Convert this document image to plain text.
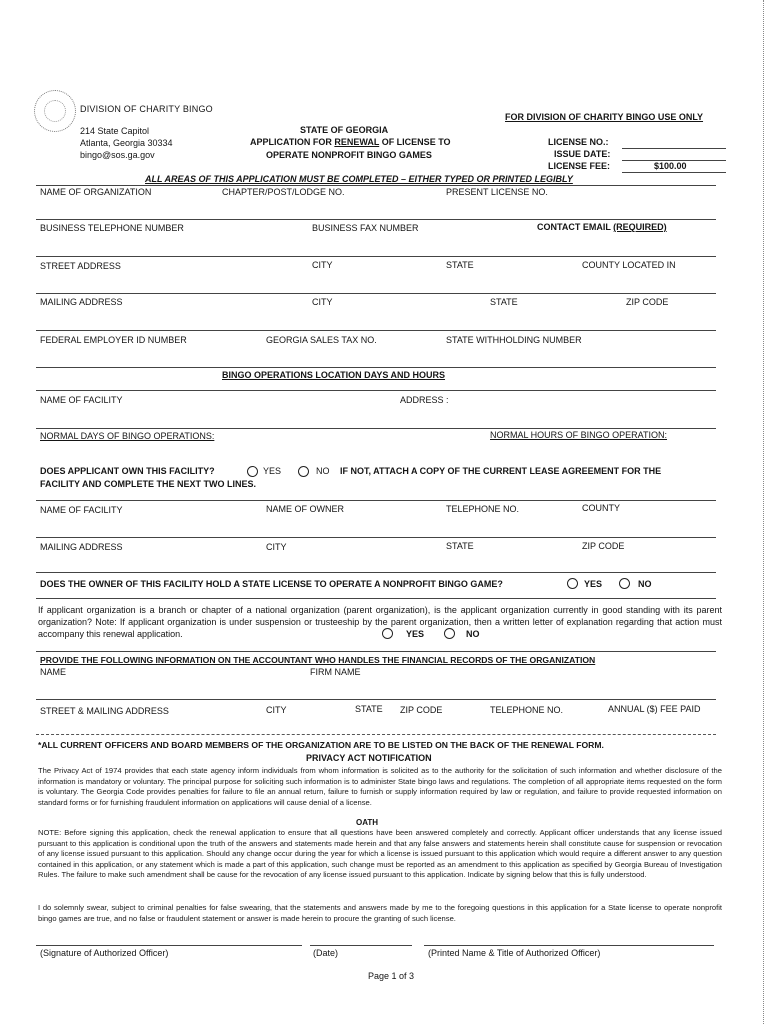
DIVISION OF CHARITY BINGO
214 State Capitol
Atlanta, Georgia 30334
bingo@sos.ga.gov
FOR DIVISION OF CHARITY BINGO USE ONLY
STATE OF GEORGIA
APPLICATION FOR RENEWAL OF LICENSE TO
OPERATE NONPROFIT BINGO GAMES
LICENSE NO.:
ISSUE DATE:
LICENSE FEE:	$100.00
ALL AREAS OF THIS APPLICATION MUST BE COMPLETED – EITHER TYPED OR PRINTED LEGIBLY
NAME OF ORGANIZATION	CHAPTER/POST/LODGE NO.	PRESENT LICENSE NO.
BUSINESS TELEPHONE NUMBER	BUSINESS FAX NUMBER	CONTACT EMAIL (REQUIRED)
STREET ADDRESS	CITY	STATE	COUNTY LOCATED IN
MAILING ADDRESS	CITY	STATE	ZIP CODE
FEDERAL EMPLOYER ID NUMBER	GEORGIA SALES TAX NO.	STATE WITHHOLDING NUMBER
BINGO OPERATIONS LOCATION DAYS AND HOURS
NAME OF FACILITY	ADDRESS :
NORMAL DAYS OF BINGO OPERATIONS:	NORMAL HOURS OF BINGO OPERATION:
DOES APPLICANT OWN THIS FACILITY?	YES	NO IF NOT, ATTACH A COPY OF THE CURRENT LEASE AGREEMENT FOR THE
FACILITY AND COMPLETE THE NEXT TWO LINES.
NAME OF FACILITY	NAME OF OWNER	TELEPHONE NO.	COUNTY
MAILING ADDRESS	CITY	STATE	ZIP CODE
DOES THE OWNER OF THIS FACILITY HOLD A STATE LICENSE TO OPERATE A NONPROFIT BINGO GAME?	YES	NO
If applicant organization is a branch or chapter of a national organization (parent organization), is the applicant organization currently in good standing with its parent organization? Note: If applicant organization is under suspension or trusteeship by the parent organization, then a written letter of explanation regarding that action must accompany this renewal application.	YES	NO
PROVIDE THE FOLLOWING INFORMATION ON THE ACCOUNTANT WHO HANDLES THE FINANCIAL RECORDS OF THE ORGANIZATION
NAME	FIRM NAME
STREET & MAILING ADDRESS	CITY	STATE ZIP CODE	TELEPHONE NO.	ANNUAL ($) FEE PAID
*ALL CURRENT OFFICERS AND BOARD MEMBERS OF THE ORGANIZATION ARE TO BE LISTED ON THE BACK OF THE RENEWAL FORM.
PRIVACY ACT NOTIFICATION
The Privacy Act of 1974 provides that each state agency inform individuals from whom information is solicited as to the authority for the solicitation of such information and whether disclosure of the information is mandatory or voluntary. The principal purpose for soliciting such information is to administer State bingo laws and regulations. The completion of all appropriate items requested on the form is voluntary. The Georgia Code provides penalties for failure to file an annual return, failure to furnish or supply information required by law or regulation, and failure to provide requested information on standard forms or for furnishing fraudulent information on applications will cause denial of a license.
OATH
NOTE: Before signing this application, check the renewal application to ensure that all questions have been answered completely and correctly. Applicant officer understands that any license issued pursuant to this application is conditional upon the truth of the answers and statements made herein and that any false answers and statements herein shall constitute cause for suspension or revocation of any license issued pursuant to this application. Should any change occur during the year for which a license is issued pursuant to this application which would require a different answer to any question contained in this application, or any statement which is made a part of this application, such change must be reported as an amendment to this application as specified by Georgia Bureau of Investigation Rules. The failure to make such amendment shall be cause for the revocation of any license issued pursuant to this application. Indicate by signing below that this is fully understood.
I do solemnly swear, subject to criminal penalties for false swearing, that the statements and answers made by me to the foregoing questions in this application for a State license to operate nonprofit bingo games are true, and no false or fraudulent statement or answer is made herein to procure the granting of such license.
(Signature of Authorized Officer)	(Date)	(Printed Name & Title of Authorized Officer)
Page 1 of 3
